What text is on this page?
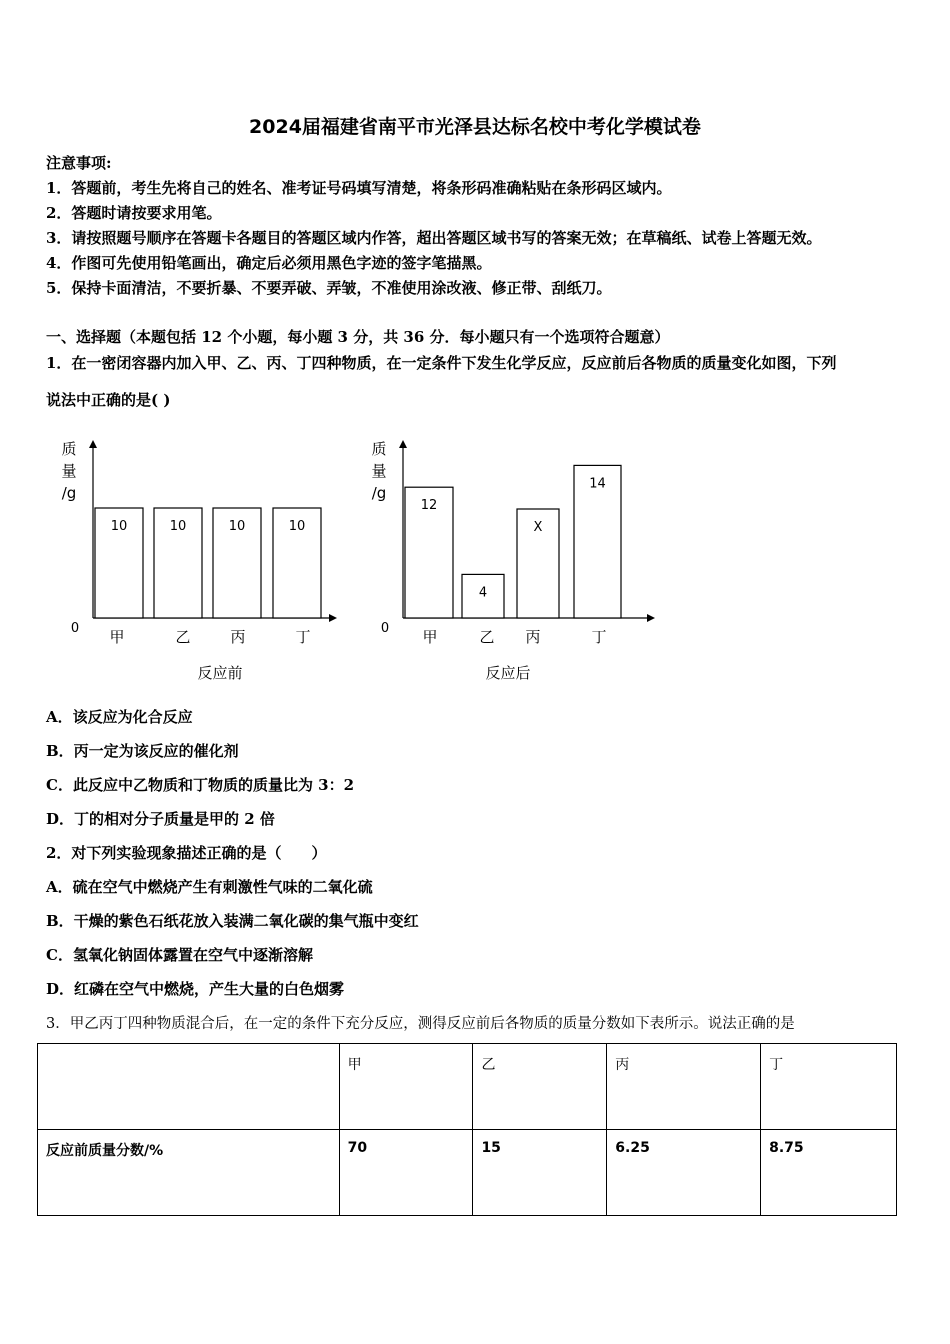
2024届福建省南平市光泽县达标名校中考化学模试卷
注意事项:
1．答题前，考生先将自己的姓名、准考证号码填写清楚，将条形码准确粘贴在条形码区域内。
2．答题时请按要求用笔。
3．请按照题号顺序在答题卡各题目的答题区域内作答，超出答题区域书写的答案无效；在草稿纸、试卷上答题无效。
4．作图可先使用铅笔画出，确定后必须用黑色字迹的签字笔描黑。
5．保持卡面清洁，不要折暴、不要弄破、弄皱，不准使用涂改液、修正带、刮纸刀。
一、选择题（本题包括 12 个小题，每小题 3 分，共 36 分．每小题只有一个选项符合题意）
1．在一密闭容器内加入甲、乙、丙、丁四种物质，在一定条件下发生化学反应，反应前后各物质的质量变化如图，下列
说法中正确的是( )
质
量
/g
0
10
甲
10
乙
10
丙
10
丁
反应前
质
量
/g
0
12
甲
4
乙
X
丙
14
丁
反应后
A．该反应为化合反应
B．丙一定为该反应的催化剂
C．此反应中乙物质和丁物质的质量比为 3：2
D．丁的相对分子质量是甲的 2 倍
2．对下列实验现象描述正确的是（　　）
A．硫在空气中燃烧产生有刺激性气味的二氧化硫
B．干燥的紫色石纸花放入装满二氧化碳的集气瓶中变红
C．氢氧化钠固体露置在空气中逐渐溶解
D．红磷在空气中燃烧，产生大量的白色烟雾
3．甲乙丙丁四种物质混合后，在一定的条件下充分反应，测得反应前后各物质的质量分数如下表所示。说法正确的是
	甲	乙	丙	丁
反应前质量分数/%	70	15	6.25	8.75
